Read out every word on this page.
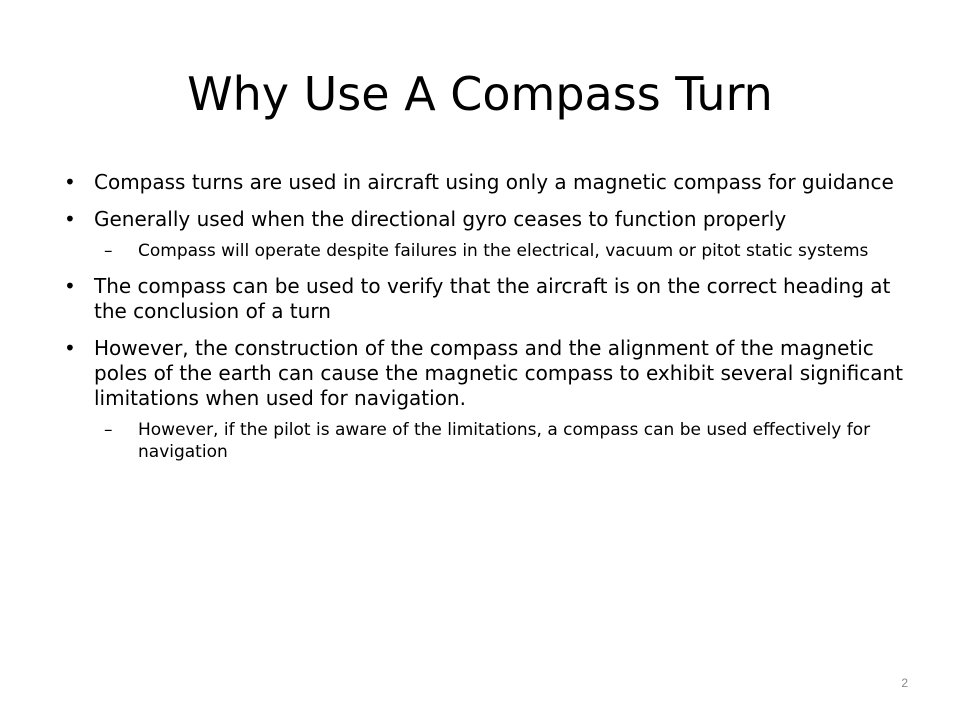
Why Use A Compass Turn
• Compass turns are used in aircraft using only a magnetic compass for guidance
• Generally used when the directional gyro ceases to function properly
– Compass will operate despite failures in the electrical, vacuum or pitot static systems
• The compass can be used to verify that the aircraft is on the correct heading at the conclusion of a turn
• However, the construction of the compass and the alignment of the magnetic poles of the earth can cause the magnetic compass to exhibit several significant limitations when used for navigation.
– However, if the pilot is aware of the limitations, a compass can be used effectively for navigation
2
